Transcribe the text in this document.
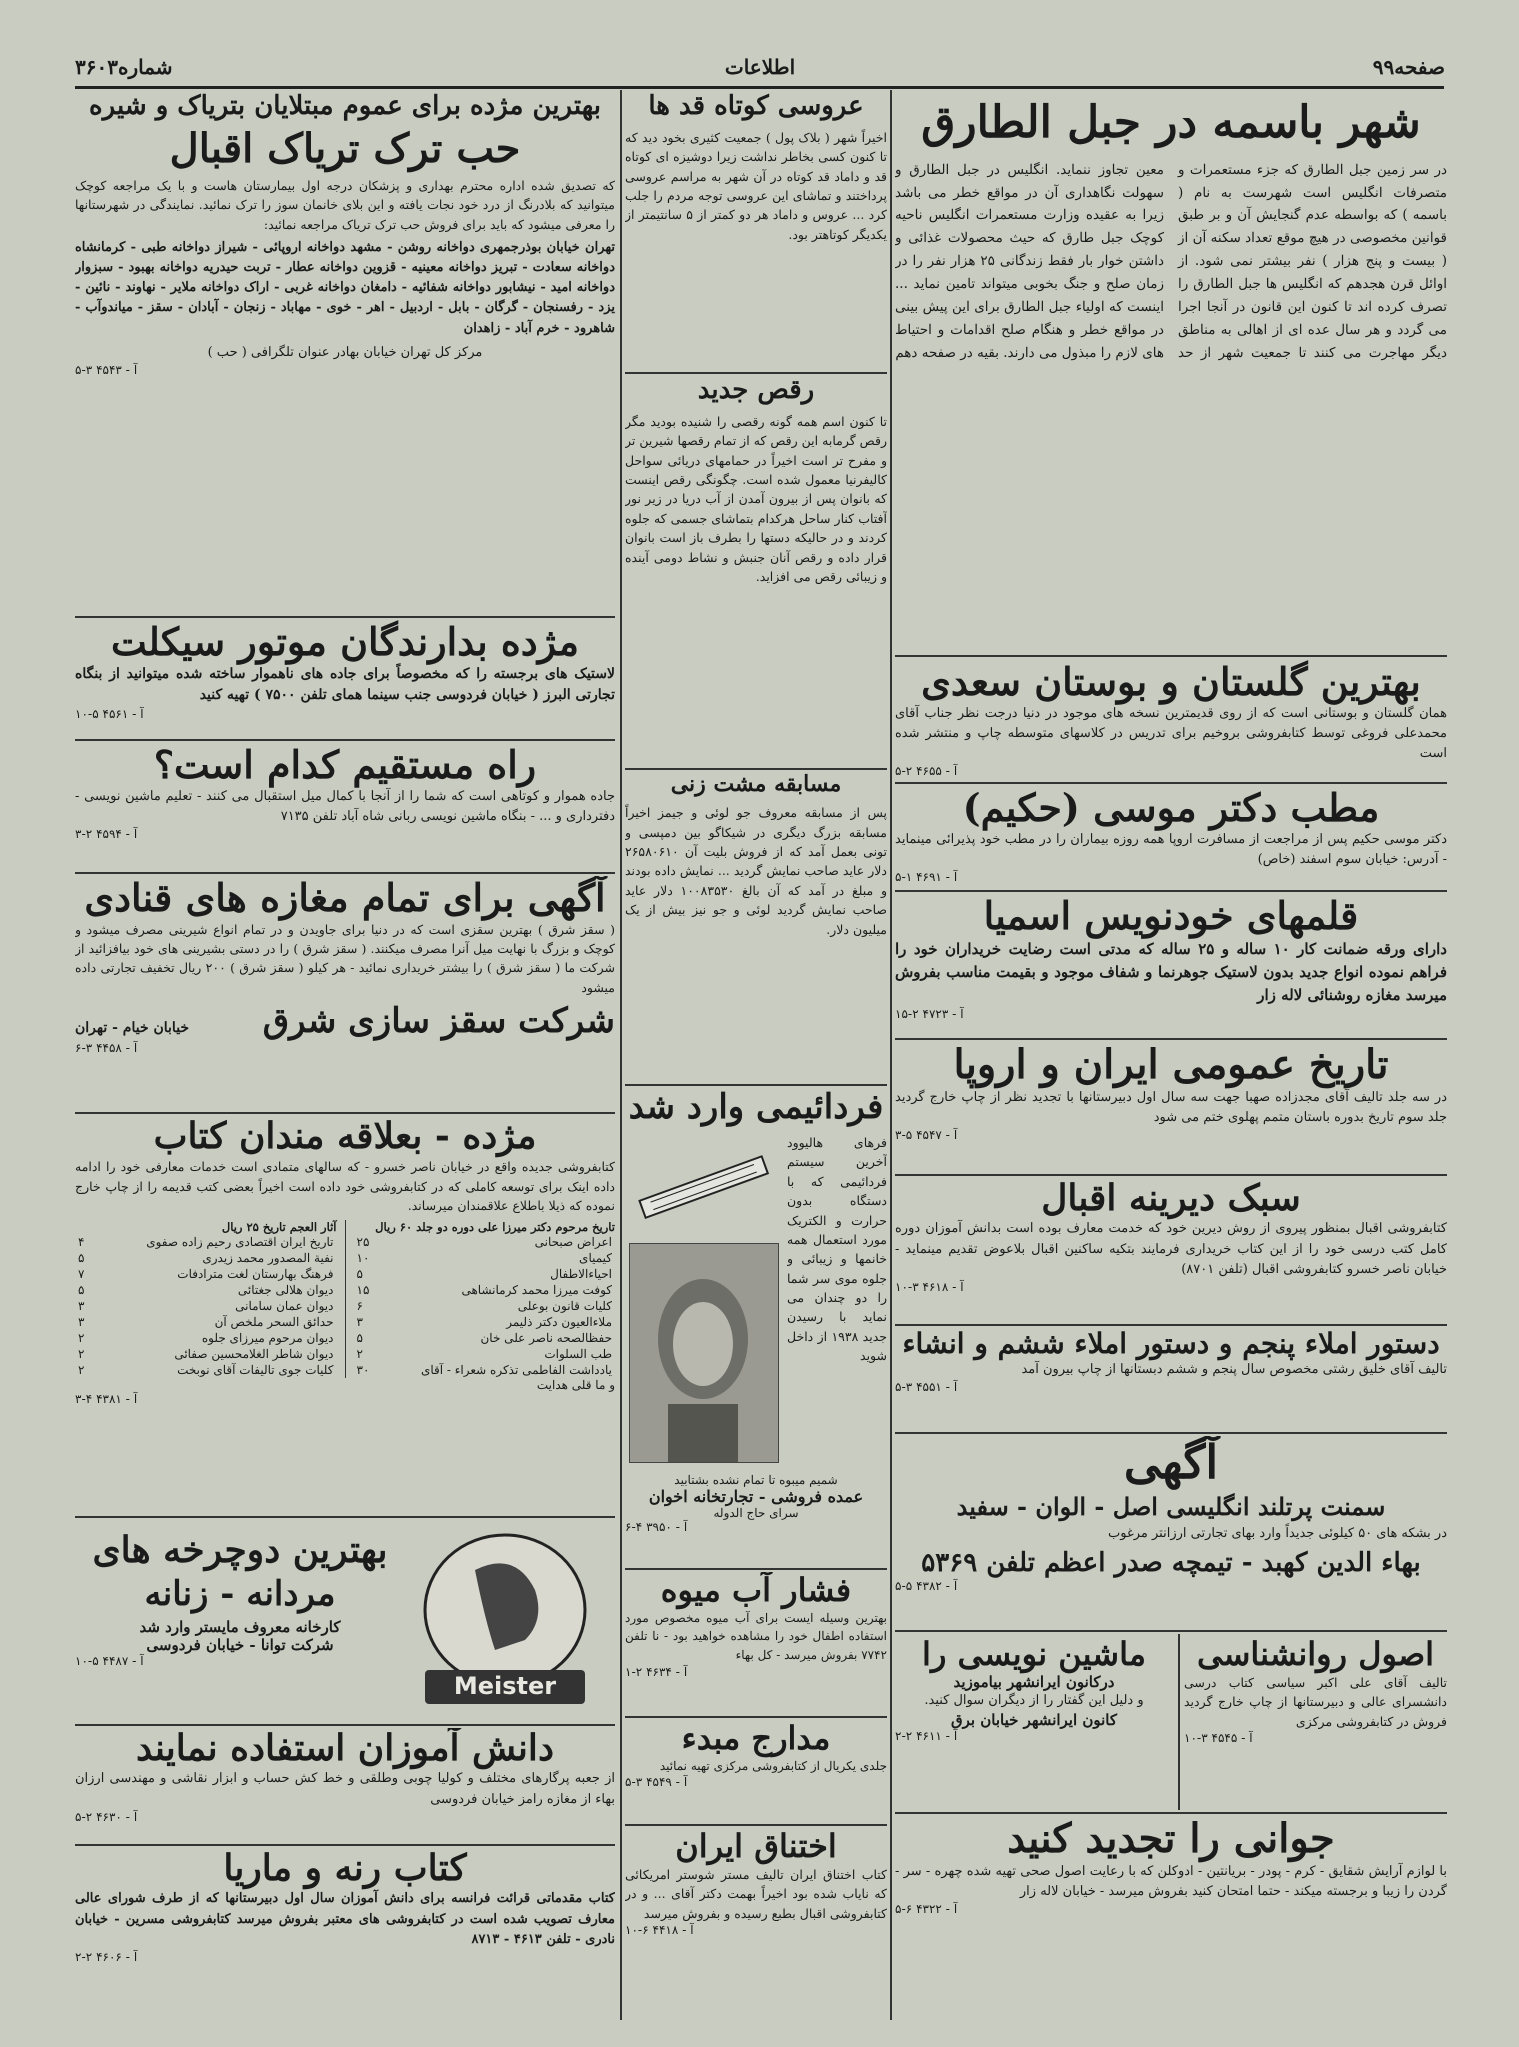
صفحه۹۹
اطلاعات
شماره۳۶۰۳
شهر باسمه در جبل الطارق
در سر زمین جبل الطارق که جزء مستعمرات و متصرفات انگلیس است شهرست به نام ( باسمه ) که بواسطه عدم گنجایش آن و بر طبق قوانین مخصوصی در هیچ موقع تعداد سکنه آن از ( بیست و پنج هزار ) نفر بیشتر نمی شود. از اوائل قرن هجدهم که انگلیس ها جبل الطارق را تصرف کرده اند تا کنون این قانون در آنجا اجرا می گردد و هر سال عده ای از اهالی به مناطق دیگر مهاجرت می کنند تا جمعیت شهر از حد معین تجاوز ننماید. انگلیس در جبل الطارق و سهولت نگاهداری آن در مواقع خطر می باشد زیرا به عقیده وزارت مستعمرات انگلیس ناحیه کوچک جبل طارق که حیث محصولات غذائی و داشتن خوار بار فقط زندگانی ۲۵ هزار نفر را در زمان صلح و جنگ بخوبی میتواند تامین نماید ... اینست که اولیاء جبل الطارق برای این پیش بینی در مواقع خطر و هنگام صلح اقدامات و احتیاط های لازم را مبذول می دارند. بقیه در صفحه دهم
بهترین گلستان و بوستان سعدی
همان گلستان و بوستانی است که از روی قدیمترین نسخه های موجود در دنیا درجت نظر جناب آقای محمدعلی فروغی توسط کتابفروشی بروخیم برای تدریس در کلاسهای متوسطه چاپ و منتشر شده است
آ - ۴۶۵۵ ۲-۵
مطب دکتر موسی (حکیم)
دکتر موسی حکیم پس از مراجعت از مسافرت اروپا همه روزه بیماران را در مطب خود پذیرائی مینماید - آدرس: خیابان سوم اسفند (خاص)
آ - ۴۶۹۱ ۱-۵
قلمهای خودنویس اسمیا
دارای ورقه ضمانت کار ۱۰ ساله و ۲۵ ساله که مدتی است رضایت خریداران خود را فراهم نموده انواع جدید بدون لاستیک جوهرنما و شفاف موجود و بقیمت مناسب بفروش میرسد مغازه روشنائی لاله زار
آ - ۴۷۲۳ ۲-۱۵
تاریخ عمومی ایران و اروپا
در سه جلد تالیف آقای مجدزاده صهبا جهت سه سال اول دبیرستانها با تجدید نظر از چاپ خارج گردید جلد سوم تاریخ بدوره باستان متمم پهلوی ختم می شود
آ - ۴۵۴۷ ۵-۳
سبک دیرینه اقبال
کتابفروشی اقبال بمنظور پیروی از روش دیرین خود که خدمت معارف بوده است بدانش آموزان دوره کامل کتب درسی خود را از این کتاب خریداری فرمایند بتکیه ساکنین اقبال بلاعوض تقدیم مینماید - خیابان ناصر خسرو کتابفروشی اقبال (تلفن ۸۷۰۱)
آ - ۴۶۱۸ ۳-۱۰
دستور املاء پنجم و دستور املاء ششم و انشاء
تالیف آقای خلیق رشتی مخصوص سال پنجم و ششم دبستانها از چاپ بیرون آمد
آ - ۴۵۵۱ ۳-۵
آگهی
سمنت پرتلند انگلیسی اصل - الوان - سفید
در بشکه های ۵۰ کیلوئی جدیداً وارد بهای تجارتی ارزانتر مرغوب
بهاء الدین کهبد - تیمچه صدر اعظم تلفن ۵۳۶۹
آ - ۴۳۸۲ ۵-۵
اصول روانشناسی
تالیف آقای علی اکبر سیاسی کتاب درسی دانشسرای عالی و دبیرستانها از چاپ خارج گردید فروش در کتابفروشی مرکزی
آ - ۴۵۴۵ ۳-۱۰
ماشین نویسی را
درکانون ایرانشهر بیاموزید
و دلیل این گفتار را از دیگران سوال کنید.
کانون ایرانشهر خیابان برق
آ - ۴۶۱۱ ۲-۲
جوانی را تجدید کنید
با لوازم آرایش شقایق - کرم - پودر - بریانتین - ادوکلن که با رعایت اصول صحی تهیه شده چهره - سر - گردن را زیبا و برجسته میکند - حتما امتحان کنید بفروش میرسد - خیابان لاله زار
آ - ۴۳۲۲ ۶-۵
عروسی کوتاه قد ها
اخیراً شهر ( بلاک پول ) جمعیت کثیری بخود دید که تا کنون کسی بخاطر نداشت زیرا دوشیزه ای کوتاه قد و داماد قد کوتاه در آن شهر به مراسم عروسی پرداختند و تماشای این عروسی توجه مردم را جلب کرد ... عروس و داماد هر دو کمتر از ۵ سانتیمتر از یکدیگر کوتاهتر بود.
رقص جدید
تا کنون اسم همه گونه رقصی را شنیده بودید مگر رقص گرمابه این رقص که از تمام رقصها شیرین تر و مفرح تر است اخیراً در حمامهای دریائی سواحل کالیفرنیا معمول شده است. چگونگی رقص اینست که بانوان پس از بیرون آمدن از آب دریا در زیر نور آفتاب کنار ساحل هرکدام بتماشای جسمی که جلوه کردند و در حالیکه دستها را بطرف باز است بانوان قرار داده و رقص آنان جنبش و نشاط دومی آینده و زیبائی رقص می افزاید.
مسابقه مشت زنی
پس از مسابقه معروف جو لوئی و جیمز اخیراً مسابقه بزرگ دیگری در شیکاگو بین دمپسی و تونی بعمل آمد که از فروش بلیت آن ۲۶۵۸۰۶۱۰ دلار عاید صاحب نمایش گردید ... نمایش داده بودند و مبلغ در آمد که آن بالغ ۱۰۰۸۳۵۳۰ دلار عاید صاحب نمایش گردید لوئی و جو نیز بیش از یک میلیون دلار.
فردائیمی وارد شد
فرهای هالیوود آخرین سیستم فردائیمی که با دستگاه بدون حرارت و الکتریک مورد استعمال همه خانمها و زیبائی و جلوه موی سر شما را دو چندان می نماید با رسیدن جدید ۱۹۳۸ از داخل شوید
شمیم میبوه تا تمام نشده بشتابید
عمده فروشی - تجارتخانه اخوان
سرای حاج الدوله
آ - ۳۹۵۰ ۴-۶
فشار آب میوه
بهترین وسیله ایست برای آب میوه مخصوص مورد استفاده اطفال خود را مشاهده خواهید بود - نا تلفن ۷۷۴۲ بفروش میرسد - کل بهاء
آ - ۴۶۳۴ ۲-۱
مدارج مبدء
جلدی یکریال از کتابفروشی مرکزی تهیه نمائید
آ - ۴۵۴۹ ۳-۵
اختناق ایران
کتاب اختناق ایران تالیف مستر شوستر امریکائی که نایاب شده بود اخیراً بهمت دکتر آقای ... و در کتابفروشی اقبال بطبع رسیده و بفروش میرسد
آ - ۴۴۱۸ ۶-۱۰
بهترین مژده برای عموم مبتلایان بتریاک و شیره
حب ترک تریاک اقبال
که تصدیق شده اداره محترم بهداری و پزشکان درجه اول بیمارستان هاست و با یک مراجعه کوچک میتوانید که بلادرنگ از درد خود نجات یافته و این بلای خانمان سوز را ترک نمائید. نمایندگی در شهرستانها را معرفی میشود که باید برای فروش حب ترک تریاک مراجعه نمائید:
تهران خیابان بوذرجمهری دواخانه روشن - مشهد دواخانه اروپائی - شیراز دواخانه طبی - کرمانشاه دواخانه سعادت - تبریز دواخانه معینیه - قزوین دواخانه عطار - تربت حیدریه دواخانه بهبود - سبزوار دواخانه امید - نیشابور دواخانه شفائیه - دامغان دواخانه غربی - اراک دواخانه ملایر - نهاوند - نائین - یزد - رفسنجان - گرگان - بابل - اردبیل - اهر - خوی - مهاباد - زنجان - آبادان - سقز - میاندوآب - شاهرود - خرم آباد - زاهدان
مرکز کل تهران خیابان بهادر عنوان تلگرافی ( حب )
آ - ۴۵۴۳ ۳-۵
مژده بدارندگان موتور سیکلت
لاستیک های برجسته را که مخصوصاً برای جاده های ناهموار ساخته شده میتوانید از بنگاه تجارتی البرز ( خیابان فردوسی جنب سینما همای تلفن ۷۵۰۰ ) تهیه کنید
آ - ۴۵۶۱ ۵-۱۰
راه مستقیم کدام است؟
جاده هموار و کوتاهی است که شما را از آنجا با کمال میل استقبال می کنند - تعلیم ماشین نویسی - دفترداری و ... - بنگاه ماشین نویسی ربانی شاه آباد تلفن ۷۱۳۵
آ - ۴۵۹۴ ۲-۳
آگهی برای تمام مغازه های قنادی
( سقز شرق ) بهترین سقزی است که در دنیا برای جاویدن و در تمام انواع شیرینی مصرف میشود و کوچک و بزرگ با نهایت میل آنرا مصرف میکنند. ( سقز شرق ) را در دستی بشیرینی های خود بیافزائید از شرکت ما ( سقز شرق ) را بیشتر خریداری نمائید - هر کیلو ( سقز شرق ) ۲۰۰ ریال تخفیف تجارتی داده میشود
شرکت سقز سازی شرق
خیابان خیام - تهران
آ - ۴۴۵۸ ۳-۶
مژده - بعلاقه مندان کتاب
کتابفروشی جدیده واقع در خیابان ناصر خسرو - که سالهای متمادی است خدمات معارفی خود را ادامه داده اینک برای توسعه کاملی که در کتابفروشی خود داده است اخیراً بعضی کتب قدیمه را از چاپ خارج نموده که ذیلا باطلاع علاقمندان میرساند.
تاریخ مرحوم دکتر میرزا علی دوره دو جلد ۶۰ ریال
اعراض صبحانی	۲۵
کیمیای	۱۰
احیاءالاطفال	۵
کوفت میرزا محمد کرمانشاهی	۱۵
کلیات قانون بوعلی	۶
ملاءالعیون دکتر ذلیمر	۳
حفظالصحه ناصر علی خان	۵
طب السلوات	۲
یادداشت الفاطمی تذکره شعراء - آقای	۳۰
آثار العجم تاریخ ۲۵ ریال
تاریخ ایران اقتصادی رحیم زاده صفوی	۴
نفیة المصدور محمد زیدری	۵
فرهنگ بهارستان لغت مترادفات	۷
دیوان هلالی جغتائی	۵
دیوان عمان سامانی	۳
حدائق السحر ملخص آن	۳
دیوان مرحوم میرزای جلوه	۲
دیوان شاطر الغلامحسین صفائی	۲
کلیات جوی تالیفات آقای نوبخت	۲
و ما قلی هدایت
آ - ۴۳۸۱ ۴-۳
Meister
بهترین دوچرخه های
مردانه - زنانه
کارخانه معروف مایستر وارد شد
شرکت توانا - خیابان فردوسی
آ - ۴۴۸۷ ۵-۱۰
دانش آموزان استفاده نمایند
از جعبه پرگارهای مختلف و کولیا چوبی وطلقی و خط کش حساب و ابزار نقاشی و مهندسی ارزان بهاء از مغازه رامز خیابان فردوسی
آ - ۴۶۳۰ ۲-۵
کتاب رنه و ماریا
کتاب مقدماتی قرائت فرانسه برای دانش آموزان سال اول دبیرستانها که از طرف شورای عالی معارف تصویب شده است در کتابفروشی های معتبر بفروش میرسد کتابفروشی مسرین - خیابان نادری - تلفن ۴۶۱۳ - ۸۷۱۳
آ - ۴۶۰۶ ۲-۲
